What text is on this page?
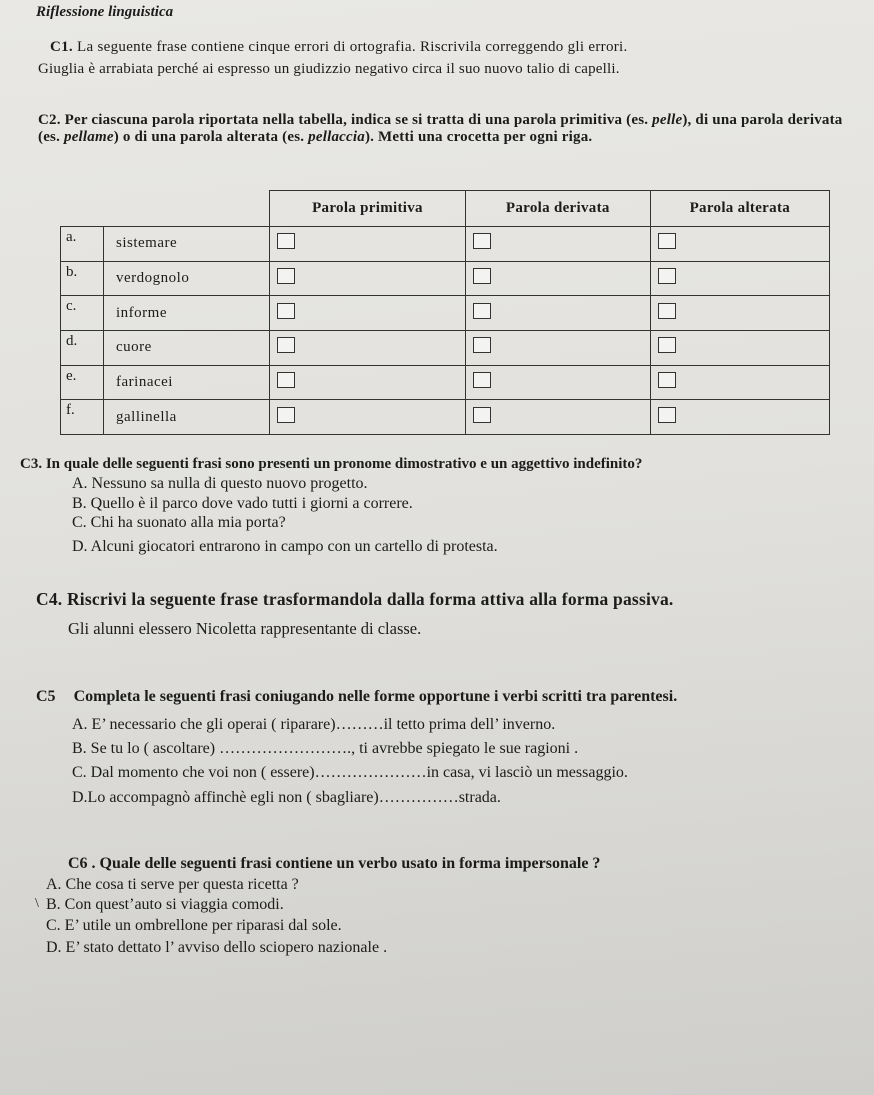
Riflessione linguistica
C1. La seguente frase contiene cinque errori di ortografia. Riscrivila correggendo gli errori.
Giuglia è arrabiata perché ai espresso un giudizzio negativo circa il suo nuovo talio di capelli.
C2. Per ciascuna parola riportata nella tabella, indica se si tratta di una parola primitiva (es. pelle), di una parola derivata (es. pellame) o di una parola alterata (es. pellaccia). Metti una crocetta per ogni riga.
		Parola primitiva	Parola derivata	Parola alterata
a.	sistemare			
b.	verdognolo			
c.	informe			
d.	cuore			
e.	farinacei			
f.	gallinella			
C3. In quale delle seguenti frasi sono presenti un pronome dimostrativo e un aggettivo indefinito?
A. Nessuno sa nulla di questo nuovo progetto.
B. Quello è il parco dove vado tutti i giorni a correre.
C. Chi ha suonato alla mia porta?
D. Alcuni giocatori entrarono in campo con un cartello di protesta.
C4. Riscrivi la seguente frase trasformandola dalla forma attiva alla forma passiva.
Gli alunni elessero Nicoletta rappresentante di classe.
C5 Completa le seguenti frasi coniugando nelle forme opportune i verbi scritti tra parentesi.
A. E’ necessario che gli operai ( riparare)………il tetto prima dell’ inverno.
B. Se tu lo ( ascoltare) ……………………., ti avrebbe spiegato le sue ragioni .
C. Dal momento che voi non ( essere)…………………in casa, vi lasciò un messaggio.
D.Lo accompagnò affinchè egli non ( sbagliare)……………strada.
C6 . Quale delle seguenti frasi contiene un verbo usato in forma impersonale ?
A. Che cosa ti serve per questa ricetta ?
\ B. Con quest’auto si viaggia comodi.
C. E’ utile un ombrellone per riparasi dal sole.
D. E’ stato dettato l’ avviso dello sciopero nazionale .
